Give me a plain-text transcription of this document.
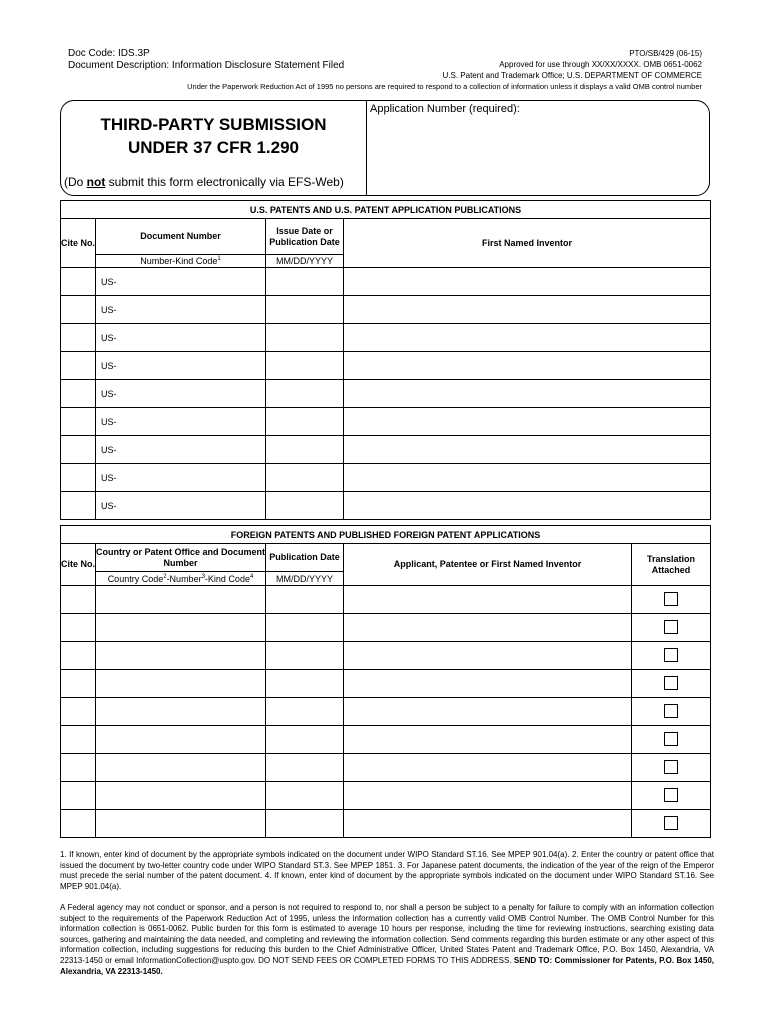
Doc Code: IDS.3P
Document Description: Information Disclosure Statement Filed
PTO/SB/429 (06-15)
Approved for use through XX/XX/XXXX. OMB 0651-0062
U.S. Patent and Trademark Office; U.S. DEPARTMENT OF COMMERCE
Under the Paperwork Reduction Act of 1995 no persons are required to respond to a collection of information unless it displays a valid OMB control number
THIRD-PARTY SUBMISSION
UNDER 37 CFR 1.290
(Do not submit this form electronically via EFS-Web)
Application Number (required):
U.S. PATENTS AND U.S. PATENT APPLICATION PUBLICATIONS			
Cite No.	Document Number	Issue Date or Publication Date	First Named Inventor
	Number-Kind Code$^1$	MM/DD/YYYY	
	US-		
	US-		
	US-		
	US-		
	US-		
	US-		
	US-		
	US-		
	US-		
FOREIGN PATENTS AND PUBLISHED FOREIGN PATENT APPLICATIONS				
Cite No.	Country or Patent Office and Document Number	Publication Date	Applicant, Patentee or First Named Inventor	Translation Attached
	Country Code$^2$-Number$^3$-Kind Code$^4$	MM/DD/YYYY		

1. If known, enter kind of document by the appropriate symbols indicated on the document under WIPO Standard ST.16. See MPEP 901.04(a). 2. Enter the country or patent office that issued the document by two-letter country code under WIPO Standard ST.3. See MPEP 1851. 3. For Japanese patent documents, the indication of the year of the reign of the Emperor must precede the serial number of the patent document. 4. If known, enter kind of document by the appropriate symbols indicated on the document under WIPO Standard ST.16. See MPEP 901.04(a).
A Federal agency may not conduct or sponsor, and a person is not required to respond to, nor shall a person be subject to a penalty for failure to comply with an information collection subject to the requirements of the Paperwork Reduction Act of 1995, unless the information collection has a currently valid OMB Control Number. The OMB Control Number for this information collection is 0651-0062. Public burden for this form is estimated to average 10 hours per response, including the time for reviewing instructions, searching existing data sources, gathering and maintaining the data needed, and completing and reviewing the information collection. Send comments regarding this burden estimate or any other aspect of this information collection, including suggestions for reducing this burden to the Chief Administrative Officer, United States Patent and Trademark Office, P.O. Box 1450, Alexandria, VA 22313-1450 or email InformationCollection@uspto.gov. DO NOT SEND FEES OR COMPLETED FORMS TO THIS ADDRESS. SEND TO: Commissioner for Patents, P.O. Box 1450, Alexandria, VA 22313-1450.
